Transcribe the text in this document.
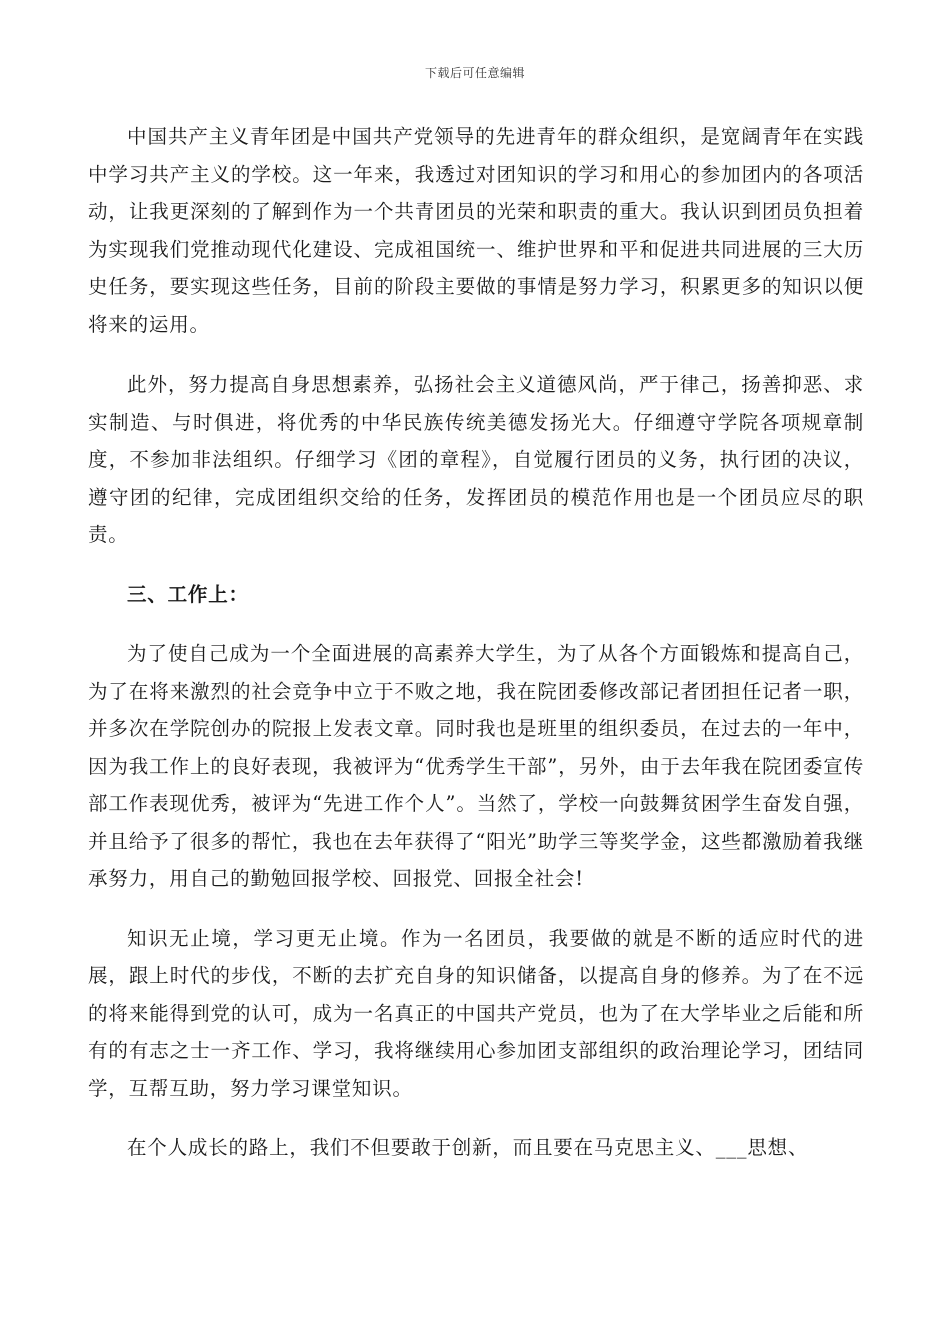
下载后可任意编辑

中国共产主义青年团是中国共产党领导的先进青年的群众组织，是宽阔青年在实践中学习共产主义的学校。这一年来，我透过对团知识的学习和用心的参加团内的各项活动，让我更深刻的了解到作为一个共青团员的光荣和职责的重大。我认识到团员负担着为实现我们党推动现代化建设、完成祖国统一、维护世界和平和促进共同进展的三大历史任务，要实现这些任务，目前的阶段主要做的事情是努力学习，积累更多的知识以便将来的运用。

此外，努力提高自身思想素养，弘扬社会主义道德风尚，严于律己，扬善抑恶、求实制造、与时俱进，将优秀的中华民族传统美德发扬光大。仔细遵守学院各项规章制度，不参加非法组织。仔细学习《团的章程》，自觉履行团员的义务，执行团的决议，遵守团的纪律，完成团组织交给的任务，发挥团员的模范作用也是一个团员应尽的职责。

三、工作上：

为了使自己成为一个全面进展的高素养大学生，为了从各个方面锻炼和提高自己，为了在将来激烈的社会竞争中立于不败之地，我在院团委修改部记者团担任记者一职，并多次在学院创办的院报上发表文章。同时我也是班里的组织委员，在过去的一年中，因为我工作上的良好表现，我被评为“优秀学生干部”，另外，由于去年我在院团委宣传部工作表现优秀，被评为“先进工作个人”。当然了，学校一向鼓舞贫困学生奋发自强，并且给予了很多的帮忙，我也在去年获得了“阳光”助学三等奖学金，这些都激励着我继承努力，用自己的勤勉回报学校、回报党、回报全社会!

知识无止境，学习更无止境。作为一名团员，我要做的就是不断的适应时代的进展，跟上时代的步伐，不断的去扩充自身的知识储备，以提高自身的修养。为了在不远的将来能得到党的认可，成为一名真正的中国共产党员，也为了在大学毕业之后能和所有的有志之士一齐工作、学习，我将继续用心参加团支部组织的政治理论学习，团结同学，互帮互助，努力学习课堂知识。

在个人成长的路上，我们不但要敢于创新，而且要在马克思主义、___思想、
